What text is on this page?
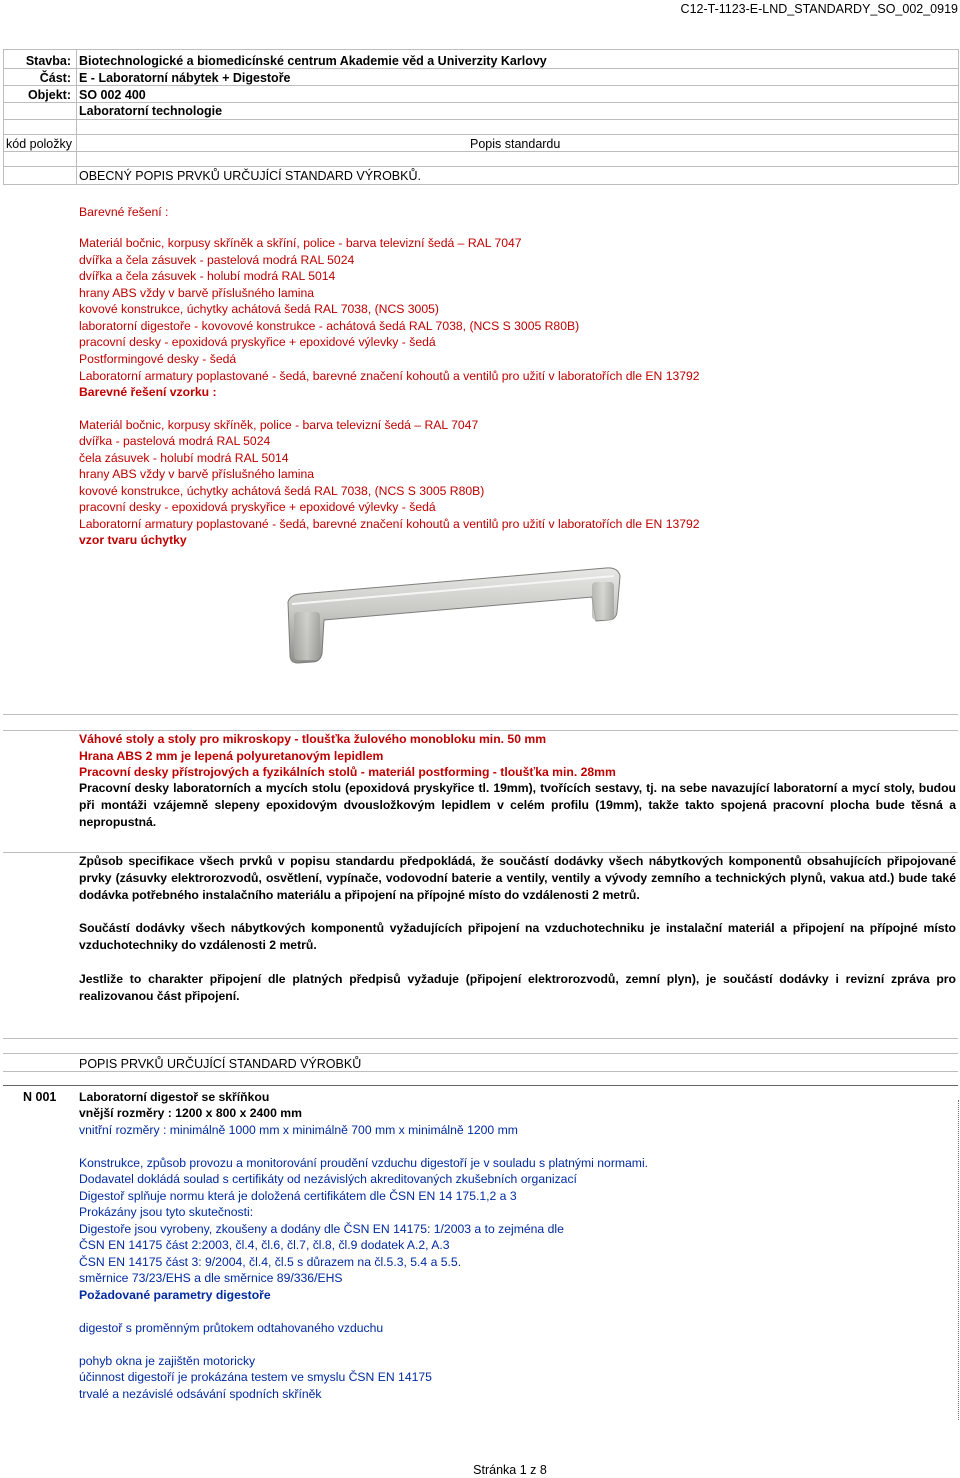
C12-T-1123-E-LND_STANDARDY_SO_002_0919
Stavba: Biotechnologické a biomedicínské centrum Akademie věd a Univerzity Karlovy
Část: E - Laboratorní nábytek + Digestoře
Objekt: SO 002 400
Laboratorní technologie
kód položky	Popis standardu
OBECNÝ POPIS PRVKŮ URČUJÍCÍ STANDARD VÝROBKŮ.
Barevné řešení :
Materiál bočnic, korpusy skříněk a skříní, police - barva televizní šedá – RAL 7047
dvířka a čela zásuvek - pastelová modrá RAL 5024
dvířka a čela zásuvek - holubí modrá RAL 5014
hrany ABS vždy v barvě příslušného lamina
kovové konstrukce, úchytky achátová šedá RAL 7038, (NCS 3005)
laboratorní digestoře - kovovové konstrukce - achátová šedá RAL 7038, (NCS S 3005 R80B)
pracovní desky - epoxidová pryskyřice + epoxidové výlevky - šedá
Postformingové desky - šedá
Laboratorní armatury poplastované - šedá, barevné značení kohoutů a ventilů pro užití v laboratořích dle EN 13792
Barevné řešení vzorku :
Materiál bočnic, korpusy skříněk, police - barva televizní šedá – RAL 7047
dvířka - pastelová modrá RAL 5024
čela zásuvek - holubí modrá RAL 5014
hrany ABS vždy v barvě příslušného lamina
kovové konstrukce, úchytky achátová šedá RAL 7038, (NCS S 3005 R80B)
pracovní desky - epoxidová pryskyřice + epoxidové výlevky - šedá
Laboratorní armatury poplastované - šedá, barevné značení kohoutů a ventilů pro užití v laboratořích dle EN 13792
vzor tvaru úchytky
Váhové stoly a stoly pro mikroskopy - tloušťka žulového monobloku min. 50 mm
Hrana ABS 2 mm je lepená polyuretanovým lepidlem
Pracovní desky přístrojových a fyzikálních stolů - materiál postforming - tloušťka min. 28mm
Pracovní desky laboratorních a mycích stolu (epoxidová pryskyřice tl. 19mm), tvořících sestavy, tj. na sebe navazující laboratorní a mycí stoly, budou při montáži vzájemně slepeny epoxidovým dvousložkovým lepidlem v celém profilu (19mm), takže takto spojená pracovní plocha bude těsná a nepropustná.
Způsob specifikace všech prvků v popisu standardu předpokládá, že součástí dodávky všech nábytkových komponentů obsahujících připojované prvky (zásuvky elektrorozvodů, osvětlení, vypínače, vodovodní baterie a ventily, ventily a vývody zemního a technických plynů, vakua atd.) bude také dodávka potřebného instalačního materiálu a připojení na přípojné místo do vzdálenosti 2 metrů.
Součástí dodávky všech nábytkových komponentů vyžadujících připojení na vzduchotechniku je instalační materiál a připojení na přípojné místo vzduchotechniky do vzdálenosti 2 metrů.
Jestliže to charakter připojení dle platných předpisů vyžaduje (připojení elektrorozvodů, zemní plyn), je součástí dodávky i revizní zpráva pro realizovanou část připojení.
POPIS PRVKŮ URČUJÍCÍ STANDARD VÝROBKŮ
N 001 Laboratorní digestoř se skříňkou
vnější rozměry : 1200 x 800 x 2400 mm
vnitřní rozměry : minimálně 1000 mm x minimálně 700 mm x minimálně 1200 mm
Konstrukce, způsob provozu a monitorování proudění vzduchu digestoří je v souladu s platnými normami.
Dodavatel dokládá soulad s certifikáty od nezávislých akreditovaných zkušebních organizací
Digestoř splňuje normu která je doložená certifikátem dle ČSN EN 14 175.1,2 a 3
Prokázány jsou tyto skutečnosti:
Digestoře jsou vyrobeny, zkoušeny a dodány dle ČSN EN 14175: 1/2003 a to zejména dle
ČSN EN 14175 část 2:2003, čl.4, čl.6, čl.7, čl.8, čl.9 dodatek A.2, A.3
ČSN EN 14175 část 3: 9/2004, čl.4, čl.5 s důrazem na čl.5.3, 5.4 a 5.5.
směrnice 73/23/EHS a dle směrnice 89/336/EHS
Požadované parametry digestoře
digestoř s proměnným průtokem odtahovaného vzduchu
pohyb okna je zajištěn motoricky
účinnost digestoří je prokázána testem ve smyslu ČSN EN 14175
trvalé a nezávislé odsávání spodních skříněk
Stránka 1 z 8
